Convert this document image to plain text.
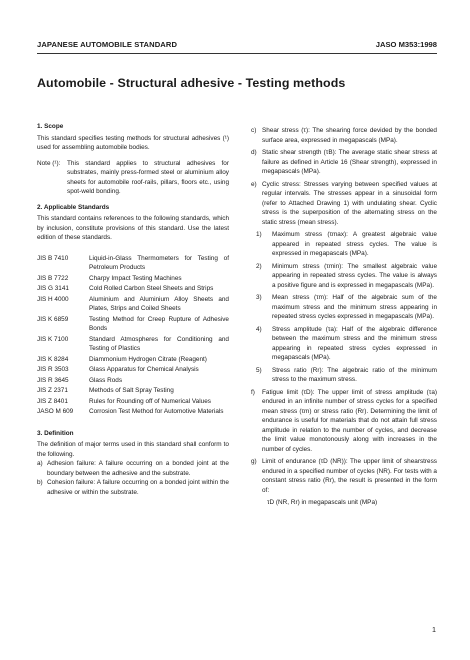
JAPANESE AUTOMOBILE STANDARD	JASO M353:1998
Automobile - Structural adhesive - Testing methods
1. Scope

This standard specifies testing methods for structural adhesives (¹) used for assembling automobile bodies.

Note (¹):	This standard applies to structural adhesives for substrates, mainly press-formed steel or aluminium alloy sheets for automobile roof-rails, pillars, floors etc., using spot-weld bonding.
2. Applicable Standards

This standard contains references to the following standards, which by inclusion, constitute provisions of this standard. Use the latest edition of these standards.

JIS B 7410	Liquid-in-Glass Thermometers for Testing of Petroleum Products
JIS B 7722	Charpy Impact Testing Machines
JIS G 3141	Cold Rolled Carbon Steel Sheets and Strips
JIS H 4000	Aluminium and Aluminium Alloy Sheets and Plates, Strips and Coiled Sheets
JIS K 6859	Testing Method for Creep Rupture of Adhesive Bonds
JIS K 7100	Standard Atmospheres for Conditioning and Testing of Plastics
JIS K 8284	Diammonium Hydrogen Citrate (Reagent)
JIS R 3503	Glass Apparatus for Chemical Analysis
JIS R 3645	Glass Rods
JIS Z 2371	Methods of Salt Spray Testing
JIS Z 8401	Rules for Rounding off of Numerical Values
JASO M 609	Corrosion Test Method for Automotive Materials
3. Definition

The definition of major terms used in this standard shall conform to the following.

a) Adhesion failure: A failure occurring on a bonded joint at the boundary between the adhesive and the substrate.
b) Cohesion failure: A failure occurring on a bonded joint within the adhesive or within the substrate.
c) Shear stress (τ): The shearing force devided by the bonded surface area, expressed in megapascals (MPa).
d) Static shear strength (τB): The average static shear stress at failure as defined in Article 16 (Shear strength), expressed in megapascals (MPa).
e) Cyclic stress: Stresses varying between specified values at regular intervals. The stresses appear in a sinusoidal form (refer to Attached Drawing 1) with undulating shear. Cyclic stress is the superposition of the alternating stress on the static stress (mean stress).
1)	Maximum stress (τmax): A greatest algebraic value appeared in repeated stress cycles. The value is expressed in megapascals (MPa).
2)	Minimum stress (τmin): The smallest algebraic value appearing in repeated stress cycles. The value is always a positive figure and is expressed in megapascals (MPa).
3)	Mean stress (τm): Half of the algebraic sum of the maximum stress and the minimum stress appearing in repeated stress cycles expressed in megapascals (MPa).
4)	Stress amplitude (τa): Half of the algebraic difference between the maximum stress and the minimum stress appearing in repeated stress cycles expressed in megapascals (MPa).
5)	Stress ratio (Rr): The algebraic ratio of the minimum stress to the maximum stress.
f)	Fatigue limit (τD): The upper limit of stress amplitude (τa) endured in an infinite number of stress cycles for a specified mean stress (τm) or stress ratio (Rr). Determining the limit of endurance is useful for materials that do not attain full stress amplitude in relation to the number of cycles, and decrease the limit value monotonously along with increases in the number of cycles.
g) Limit of endurance (τD (NR)): The upper limit of shearstress endured in a specified number of cycles (NR). For tests with a constant stress ratio (Rr), the result is presented in the form of:
τD (NR, Rr) in megapascals unit (MPa)
1
